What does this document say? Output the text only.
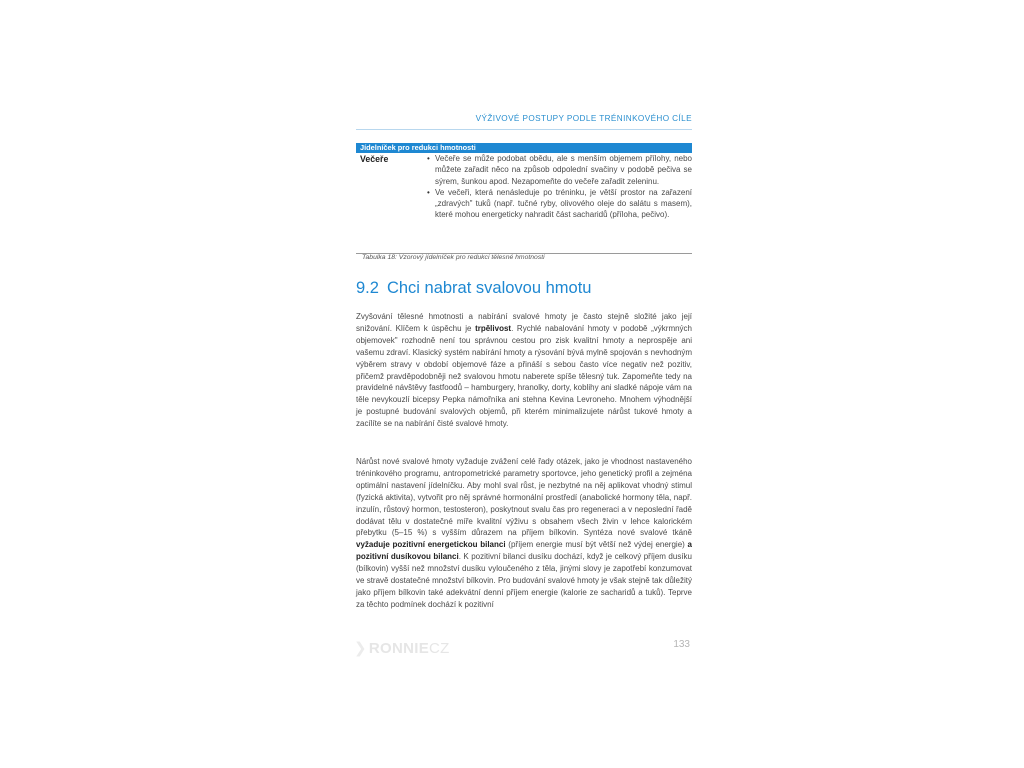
VÝŽIVOVÉ POSTUPY PODLE TRÉNINKOVÉHO CÍLE
Jídelníček pro redukci hmotnosti
Večeře	• Večeře se může podobat obědu, ale s menším objemem přílohy, nebo můžete zařadit něco na způsob odpolední svačiny v podobě pečiva se sýrem, šunkou apod. Nezapomeňte do večeře zařadit zeleninu.
• Ve večeři, která nenásleduje po tréninku, je větší prostor na zařazení „zdravých" tuků (např. tučné ryby, olivového oleje do salátu s masem), které mohou energeticky nahradit část sacharidů (příloha, pečivo).
Tabulka 18: Vzorový jídelníček pro redukci tělesné hmotnosti
9.2 Chci nabrat svalovou hmotu
Zvyšování tělesné hmotnosti a nabírání svalové hmoty je často stejně složité jako její snižování. Klíčem k úspěchu je trpělivost. Rychlé nabalování hmoty v podobě „výkrmných objemovek" rozhodně není tou správnou cestou pro zisk kvalitní hmoty a neprospěje ani vašemu zdraví. Klasický systém nabírání hmoty a rýsování bývá mylně spojován s nevhodným výběrem stravy v období objemové fáze a přináší s sebou často více negativ než pozitiv, přičemž pravděpodobněji než svalovou hmotu naberete spíše tělesný tuk. Zapomeňte tedy na pravidelné návštěvy fastfoodů – hamburgery, hranolky, dorty, koblihy ani sladké nápoje vám na těle nevykouzlí bicepsy Pepka námořníka ani stehna Kevina Levroneho. Mnohem výhodnější je postupné budování svalových objemů, při kterém minimalizujete nárůst tukové hmoty a zacílíte se na nabírání čisté svalové hmoty.
Nárůst nové svalové hmoty vyžaduje zvážení celé řady otázek, jako je vhodnost nastaveného tréninkového programu, antropometrické parametry sportovce, jeho genetický profil a zejména optimální nastavení jídelníčku. Aby mohl sval růst, je nezbytné na něj aplikovat vhodný stimul (fyzická aktivita), vytvořit pro něj správné hormonální prostředí (anabolické hormony těla, např. inzulín, růstový hormon, testosteron), poskytnout svalu čas pro regeneraci a v neposlední řadě dodávat tělu v dostatečné míře kvalitní výživu s obsahem všech živin v lehce kalorickém přebytku (5–15 %) s vyšším důrazem na příjem bílkovin. Syntéza nové svalové tkáně vyžaduje pozitivní energetickou bilanci (příjem energie musí být větší než výdej energie) a pozitivní dusíkovou bilanci. K pozitivní bilanci dusíku dochází, když je celkový příjem dusíku (bílkovin) vyšší než množství dusíku vyloučeného z těla, jinými slovy je zapotřebí konzumovat ve stravě dostatečné množství bílkovin. Pro budování svalové hmoty je však stejně tak důležitý jako příjem bílkovin také adekvátní denní příjem energie (kalorie ze sacharidů a tuků). Teprve za těchto podmínek dochází k pozitivní
❯ RONNIECZ	133
